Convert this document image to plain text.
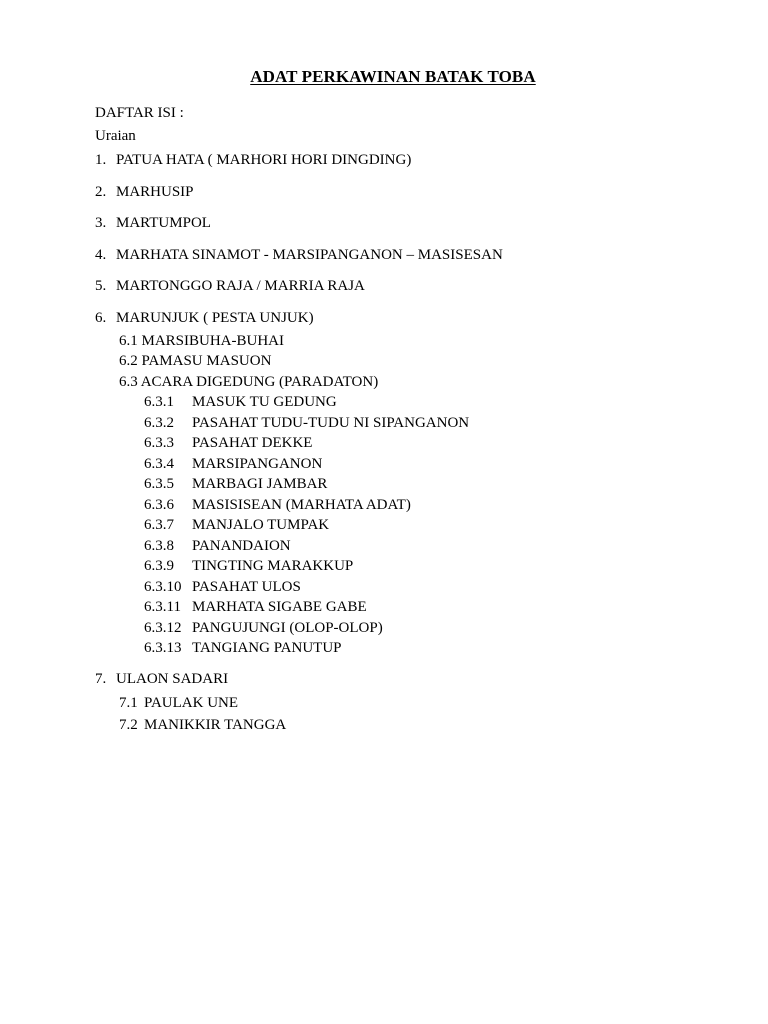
ADAT PERKAWINAN BATAK TOBA
DAFTAR ISI :
Uraian
1. PATUA HATA ( MARHORI HORI DINGDING)
2. MARHUSIP
3. MARTUMPOL
4. MARHATA SINAMOT - MARSIPANGANON – MASISESAN
5. MARTONGGO RAJA / MARRIA RAJA
6. MARUNJUK ( PESTA UNJUK)
6.1 MARSIBUHA-BUHAI
6.2 PAMASU MASUON
6.3 ACARA DIGEDUNG (PARADATON)
6.3.1 MASUK TU GEDUNG
6.3.2 PASAHAT TUDU-TUDU NI SIPANGANON
6.3.3 PASAHAT DEKKE
6.3.4 MARSIPANGANON
6.3.5 MARBAGI JAMBAR
6.3.6 MASISISEAN (MARHATA ADAT)
6.3.7 MANJALO TUMPAK
6.3.8 PANANDAION
6.3.9 TINGTING MARAKKUP
6.3.10 PASAHAT ULOS
6.3.11 MARHATA SIGABE GABE
6.3.12 PANGUJUNGI (OLOP-OLOP)
6.3.13 TANGIANG PANUTUP
7. ULAON SADARI
7.1 PAULAK UNE
7.2 MANIKKIR TANGGA
